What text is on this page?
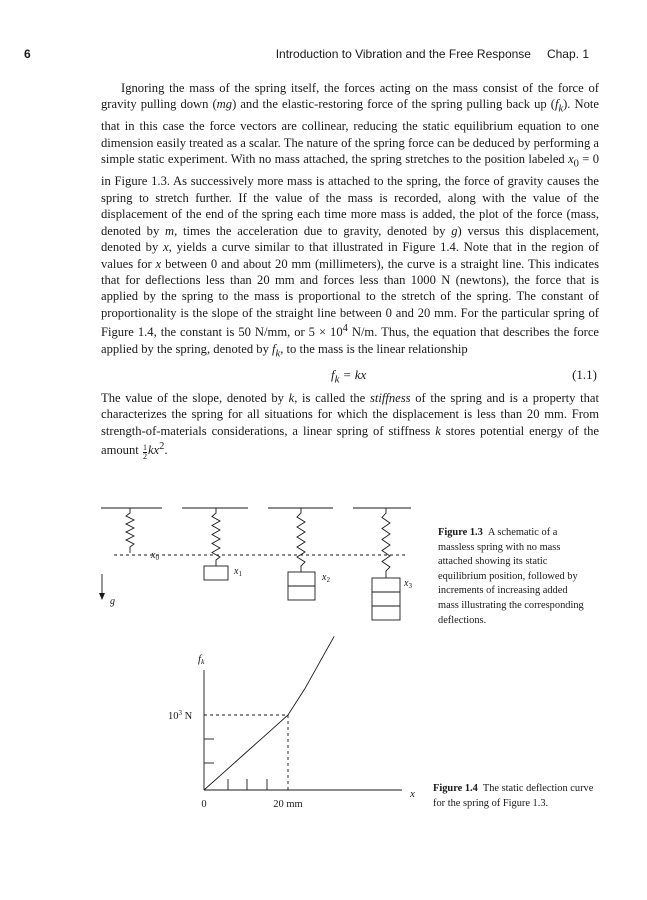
6	Introduction to Vibration and the Free Response Chap. 1

Ignoring the mass of the spring itself, the forces acting on the mass consist of the force of gravity pulling down (mg) and the elastic-restoring force of the spring pulling back up $(f_k)$. Note that in this case the force vectors are collinear, reducing the static equilibrium equation to one dimension easily treated as a scalar. The nature of the spring force can be deduced by performing a simple static experiment. With no mass attached, the spring stretches to the position labeled $x_0 = 0$ in Figure 1.3. As successively more mass is attached to the spring, the force of gravity causes the spring to stretch further. If the value of the mass is recorded, along with the value of the displacement of the end of the spring each time more mass is added, the plot of the force (mass, denoted by m, times the acceleration due to gravity, denoted by g) versus this displacement, denoted by x, yields a curve similar to that illustrated in Figure 1.4. Note that in the region of values for x between 0 and about 20 mm (millimeters), the curve is a straight line. This indicates that for deflections less than 20 mm and forces less than 1000 N (newtons), the force that is applied by the spring to the mass is proportional to the stretch of the spring. The constant of proportionality is the slope of the straight line between 0 and 20 mm. For the particular spring of Figure 1.4, the constant is 50 N/mm, or $5 \times 10^4$ N/m. Thus, the equation that describes the force applied by the spring, denoted by $f_k$, to the mass is the linear relationship

$f_k$ = kx	(1.1)

The value of the slope, denoted by k, is called the stiffness of the spring and is a property that characterizes the spring for all situations for which the displacement is less than 20 mm. From strength-of-materials considerations, a linear spring of stiffness k stores potential energy of the amount $\frac{1}{2} kx^2$.

$x_0$
$x_1$	$x_2$	$x_3$
g
Figure 1.3 A schematic of a massless spring with no mass attached showing its static equilibrium position, followed by increments of increasing added mass illustrating the corresponding deflections.
fk
$10^3$ N
0	20 mm
x Figure 1.4 The static deflection curve for the spring of Figure 1.3.
